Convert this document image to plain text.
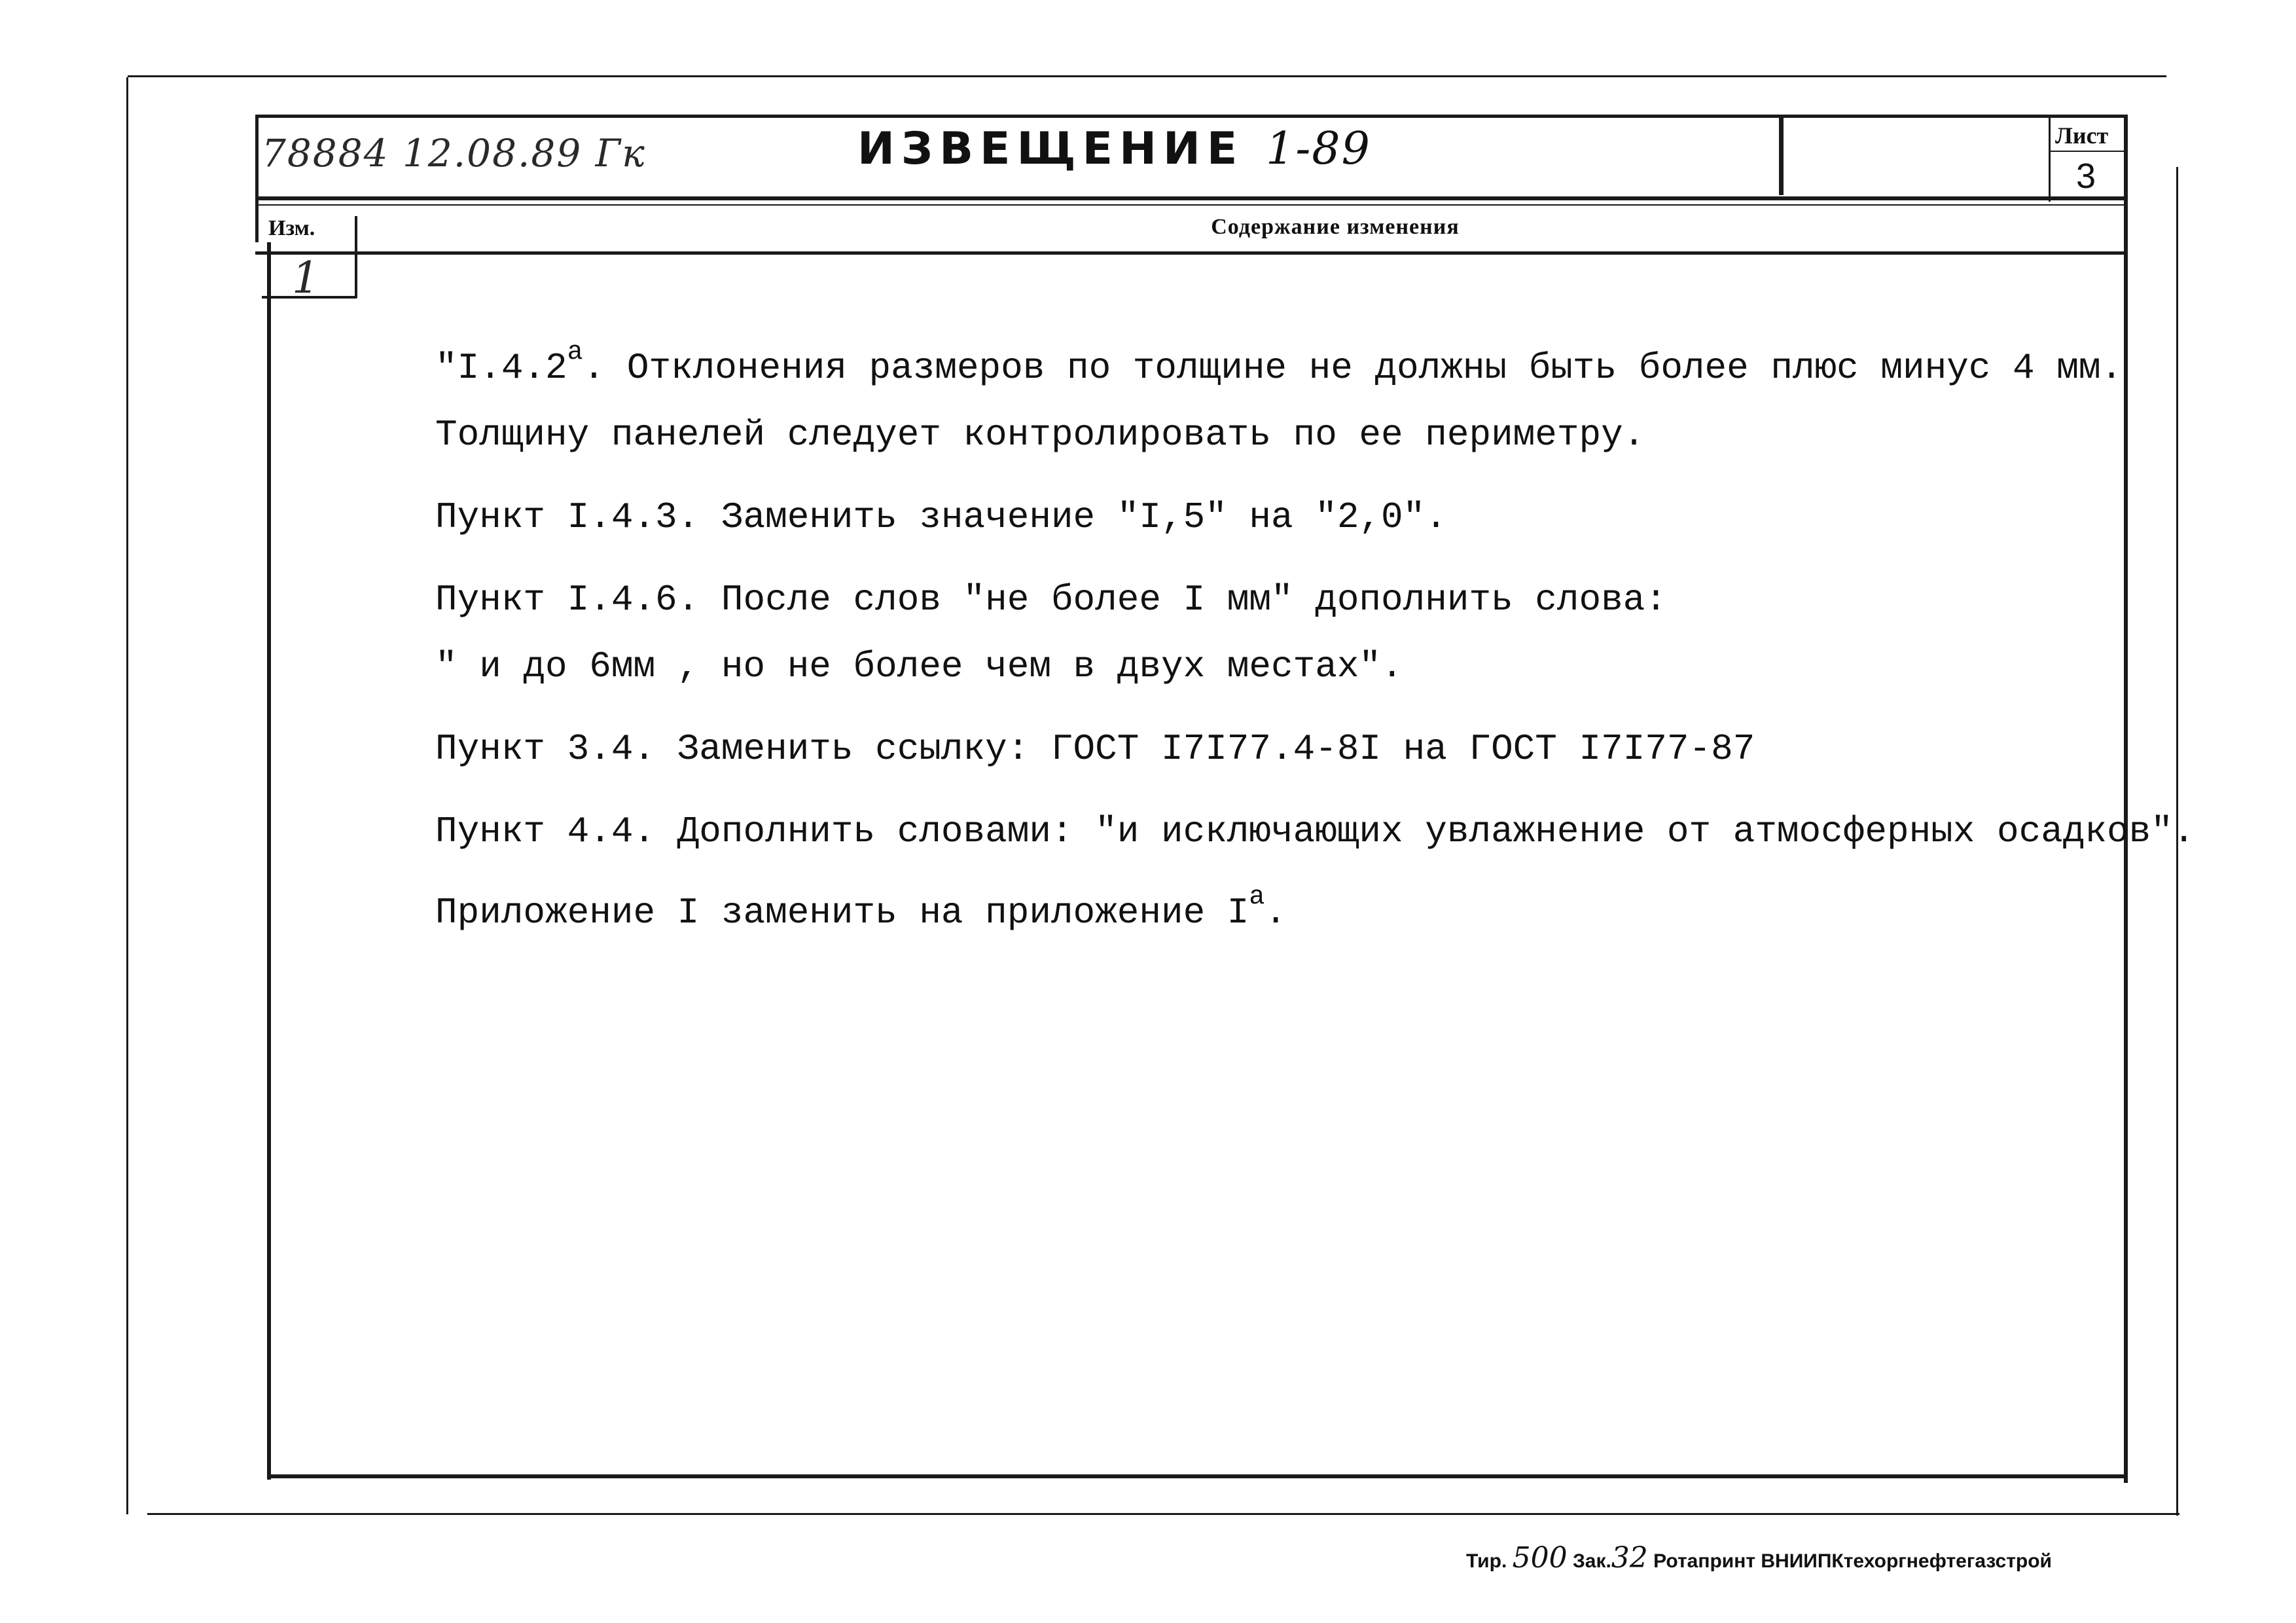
78884 12.08.89 Гк	ИЗВЕЩЕНИЕ 1-89	Лист
3
Изм.	Содержание изменения
1
"$I.4.2^а$. Отклонения размеров по толщине не должны быть более плюс минус 4 мм.
Толщину панелей следует контролировать по ее периметру.
Пункт I.4.3. Заменить значение "I,5" на "2,0".
Пункт I.4.6. После слов "не более I мм" дополнить слова:
" и до 6мм , но не более чем в двух местах".
Пункт 3.4. Заменить ссылку: ГОСТ I7I77.4-8I на ГОСТ I7I77-87
Пункт 4.4. Дополнить словами: "и исключающих увлажнение от атмосферных осадков".
Приложение I заменить на приложение $I^а$.
Тир. 500 Зак.32 Ротапринт ВНИИПКтехоргнефтегазстрой
